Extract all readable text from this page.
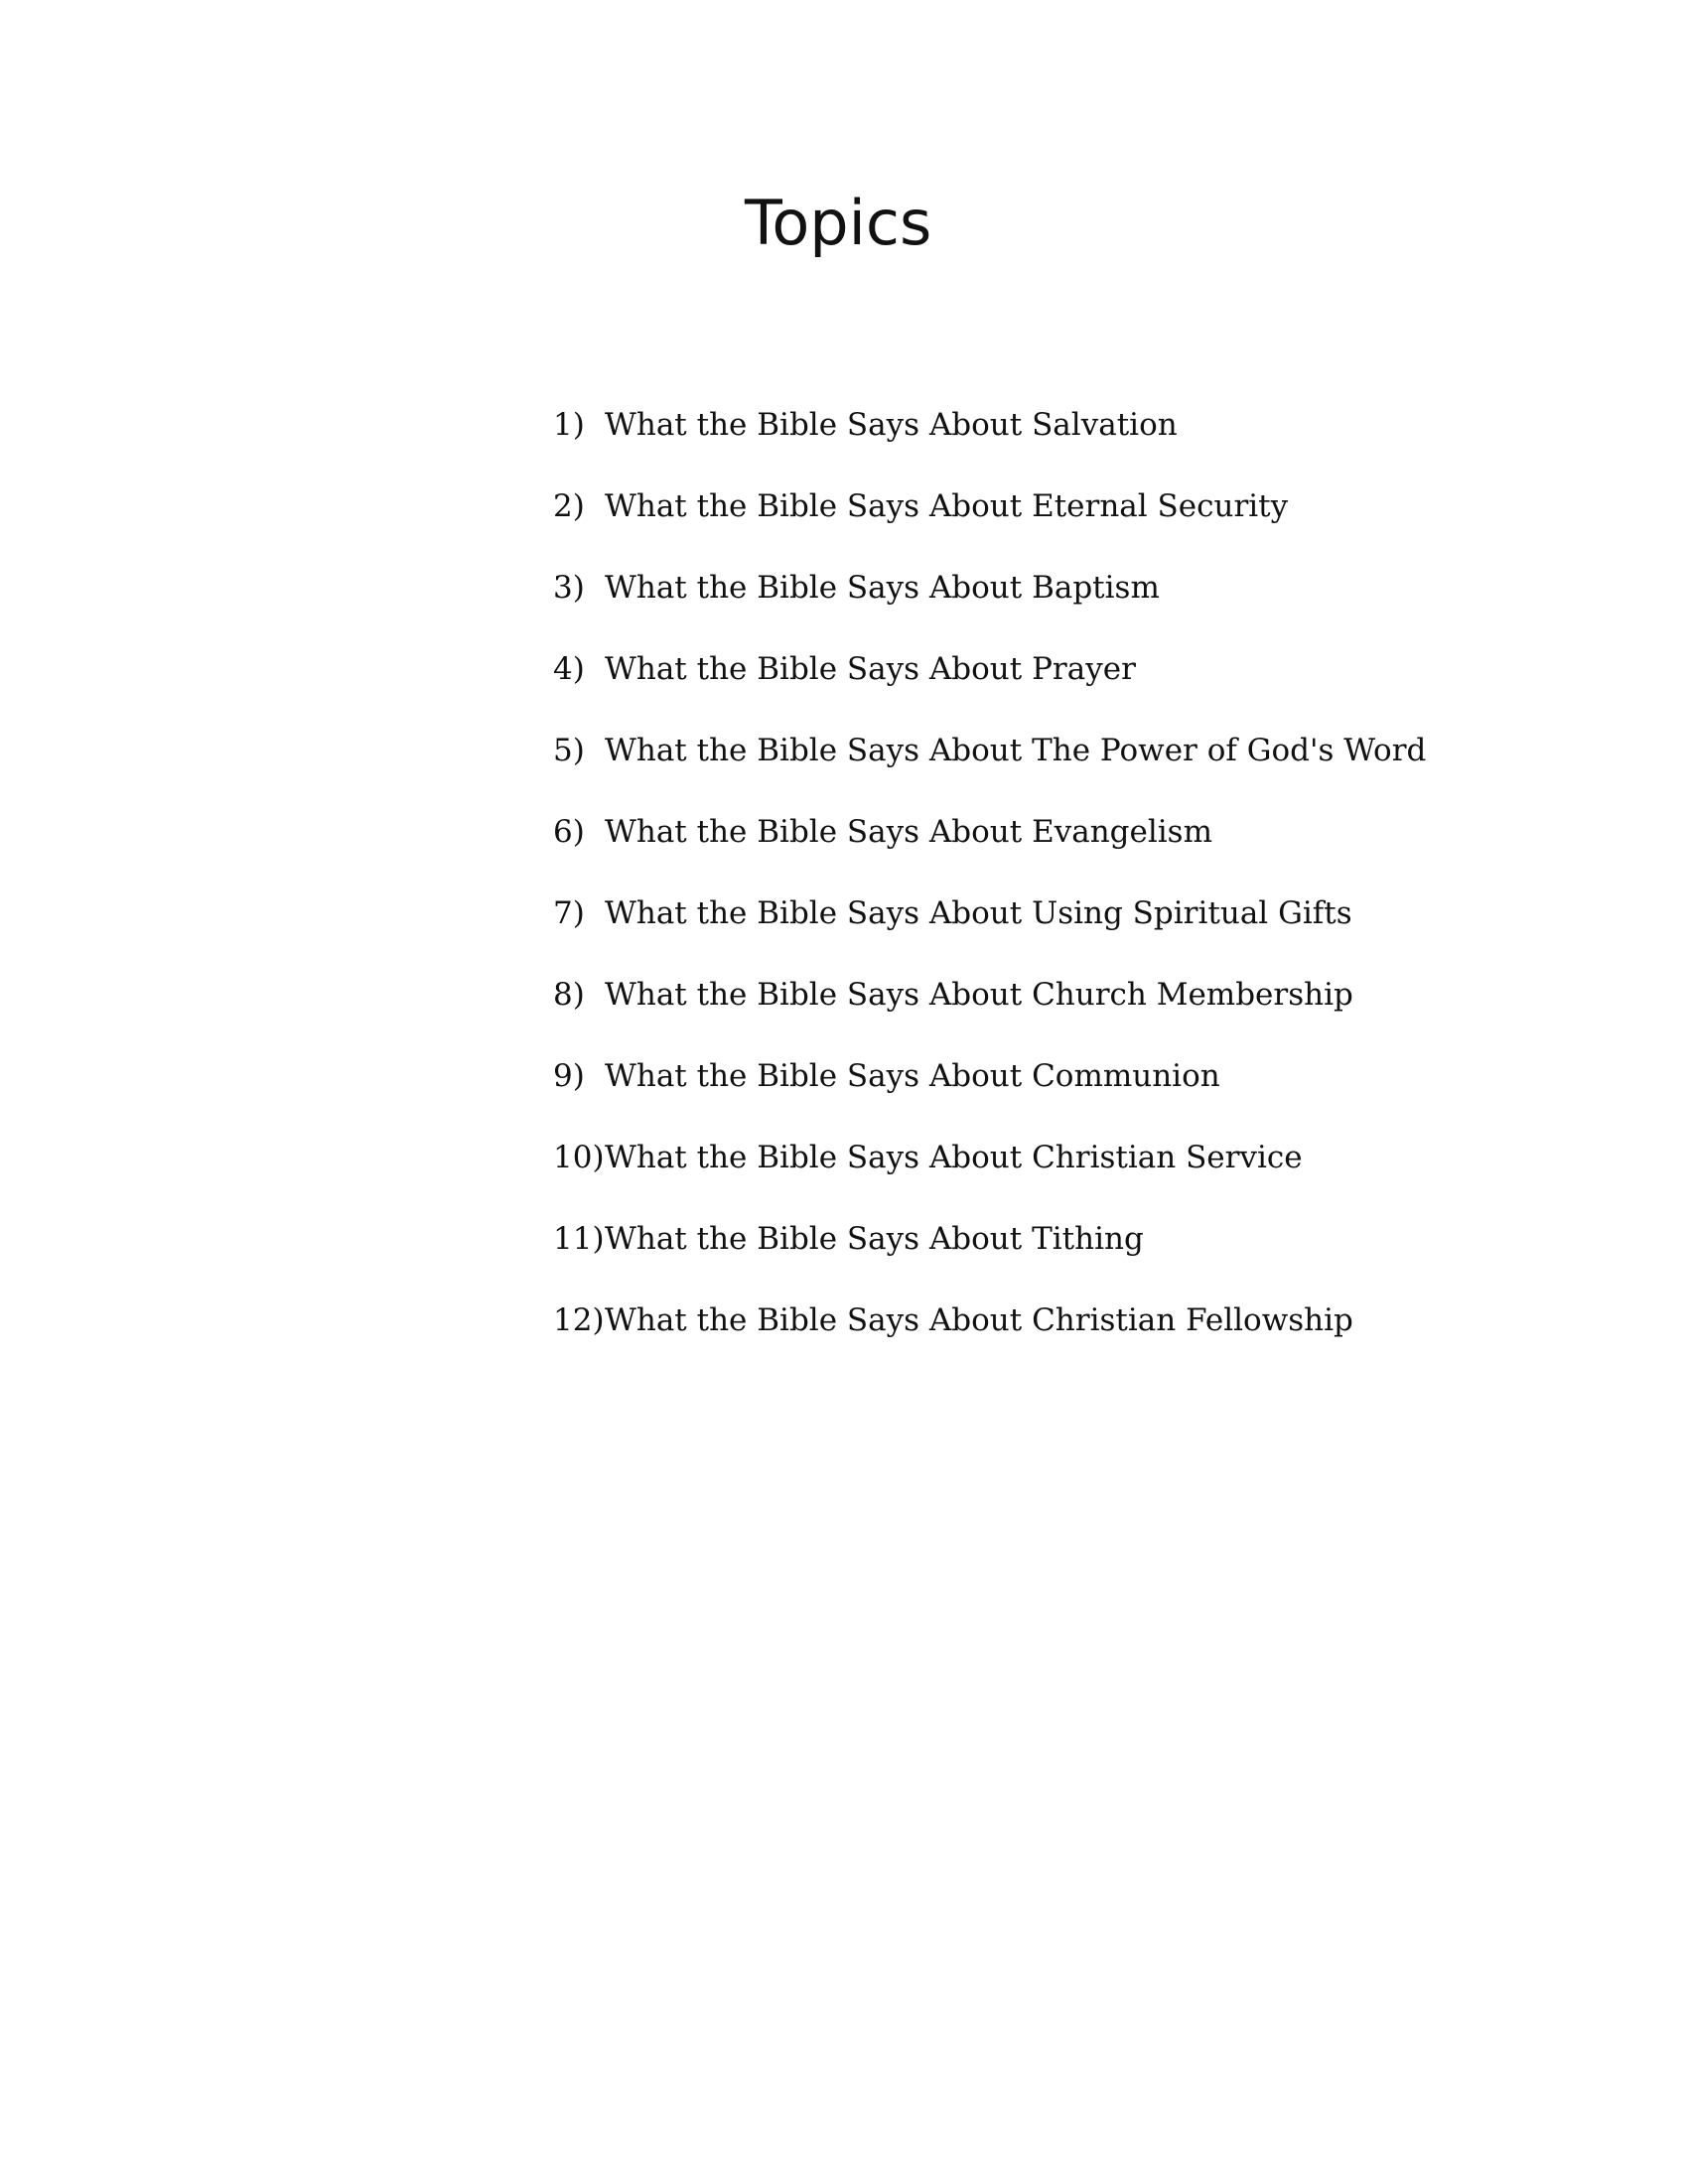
Topics
1) What the Bible Says About Salvation
2) What the Bible Says About Eternal Security
3) What the Bible Says About Baptism
4) What the Bible Says About Prayer
5) What the Bible Says About The Power of God's Word
6) What the Bible Says About Evangelism
7) What the Bible Says About Using Spiritual Gifts
8) What the Bible Says About Church Membership
9) What the Bible Says About Communion
10) What the Bible Says About Christian Service
11) What the Bible Says About Tithing
12) What the Bible Says About Christian Fellowship
